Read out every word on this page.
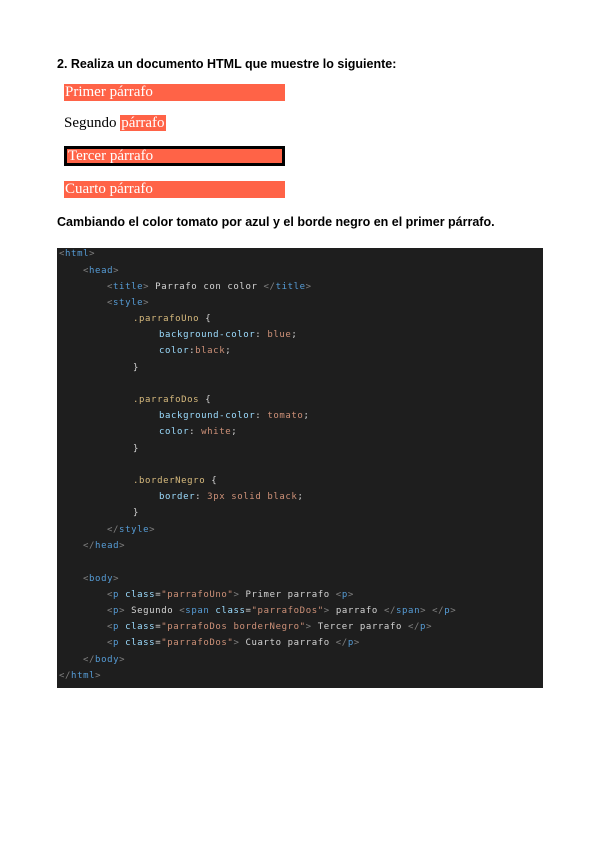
2. Realiza un documento HTML que muestre lo siguiente:
Primer párrafo
Segundo párrafo
Tercer párrafo
Cuarto párrafo
Cambiando el color tomato por azul y el borde negro en el primer párrafo.
<html>
<head>
<title> Parrafo con color </title>
<style>
.parrafoUno {
background-color: blue;
color:black;
}
.parrafoDos {
background-color: tomato;
color: white;
}
.borderNegro {
border: 3px solid black;
}
</style>
</head>
<body>
<p class="parrafoUno"> Primer parrafo <p>
<p> Segundo <span class="parrafoDos"> parrafo </span> </p>
<p class="parrafoDos borderNegro"> Tercer parrafo </p>
<p class="parrafoDos"> Cuarto parrafo </p>
</body>
</html>
